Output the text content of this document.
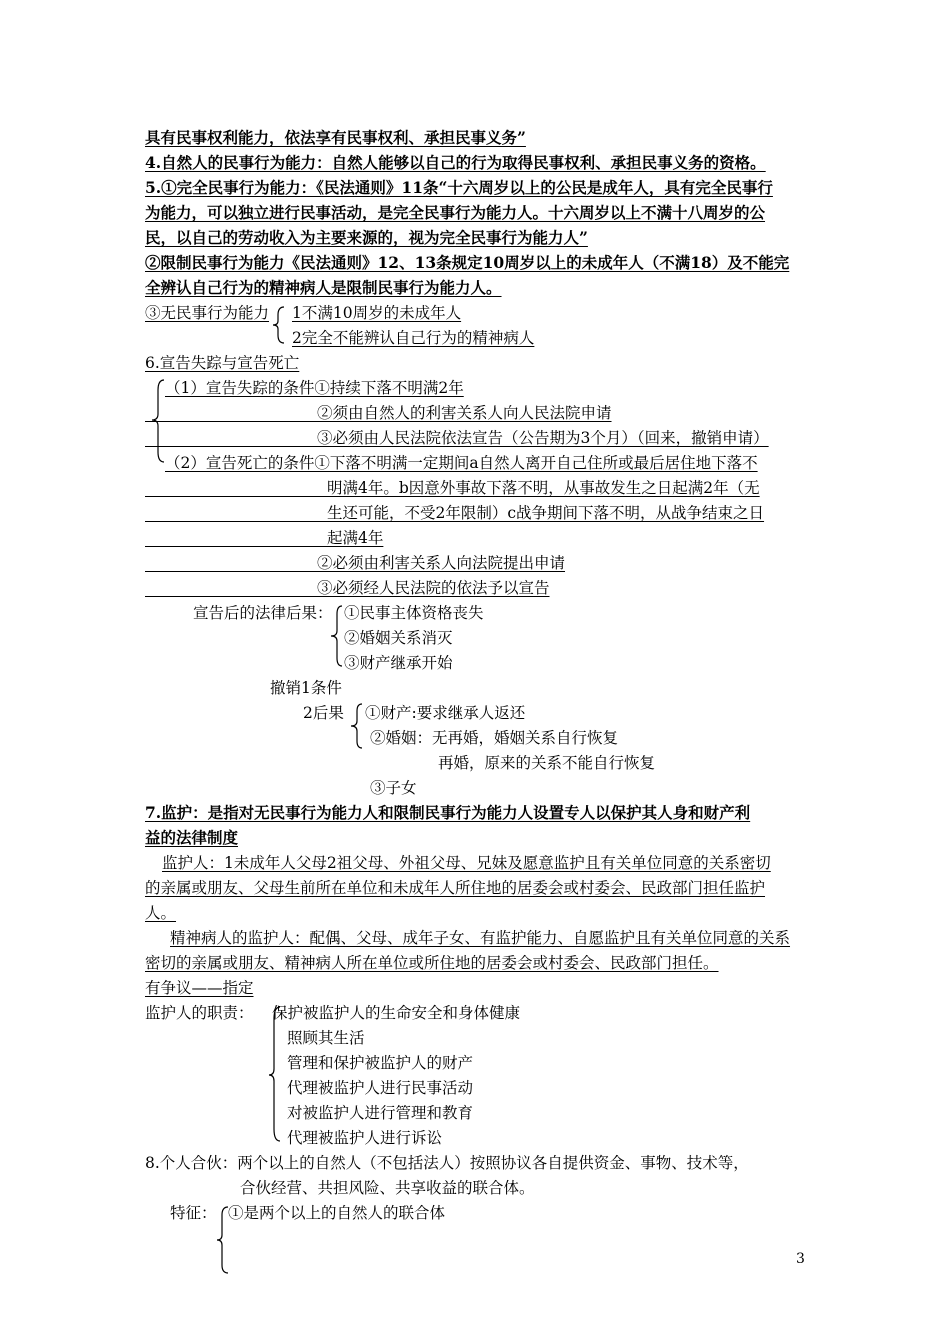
具有民事权利能力，依法享有民事权利、承担民事义务”
4.自然人的民事行为能力：自然人能够以自己的行为取得民事权利、承担民事义务的资格。
5.①完全民事行为能力：《民法通则》11条“十六周岁以上的公民是成年人，具有完全民事行
为能力，可以独立进行民事活动，是完全民事行为能力人。十六周岁以上不满十八周岁的公
民，以自己的劳动收入为主要来源的，视为完全民事行为能力人”
②限制民事行为能力《民法通则》12、13条规定10周岁以上的未成年人（不满18）及不能完
全辨认自己行为的精神病人是限制民事行为能力人。
③无民事行为能力 1不满10周岁的未成年人
2完全不能辨认自己行为的精神病人
6.宣告失踪与宣告死亡
（1）宣告失踪的条件①持续下落不明满2年
②须由自然人的利害关系人向人民法院申请
③必须由人民法院依法宣告（公告期为3个月）（回来，撤销申请）
（2）宣告死亡的条件①下落不明满一定期间a自然人离开自己住所或最后居住地下落不
明满4年。b因意外事故下落不明，从事故发生之日起满2年（无
生还可能，不受2年限制）c战争期间下落不明，从战争结束之日
起满4年
②必须由利害关系人向法院提出申请
③必须经人民法院的依法予以宣告
宣告后的法律后果： ①民事主体资格丧失
②婚姻关系消灭
③财产继承开始
撤销1条件
2后果 ①财产:要求继承人返还
②婚姻：无再婚，婚姻关系自行恢复
再婚，原来的关系不能自行恢复
③子女
7.监护：是指对无民事行为能力人和限制民事行为能力人设置专人以保护其人身和财产利
益的法律制度
监护人：1未成年人父母2祖父母、外祖父母、兄妹及愿意监护且有关单位同意的关系密切
的亲属或朋友、父母生前所在单位和未成年人所住地的居委会或村委会、民政部门担任监护
人。
精神病人的监护人：配偶、父母、成年子女、有监护能力、自愿监护且有关单位同意的关系
密切的亲属或朋友、精神病人所在单位或所住地的居委会或村委会、民政部门担任。
有争议——指定
监护人的职责： 保护被监护人的生命安全和身体健康
照顾其生活
管理和保护被监护人的财产
代理被监护人进行民事活动
对被监护人进行管理和教育
代理被监护人进行诉讼
8.个人合伙：两个以上的自然人（不包括法人）按照协议各自提供资金、事物、技术等，
合伙经营、共担风险、共享收益的联合体。
特征： ①是两个以上的自然人的联合体
3
